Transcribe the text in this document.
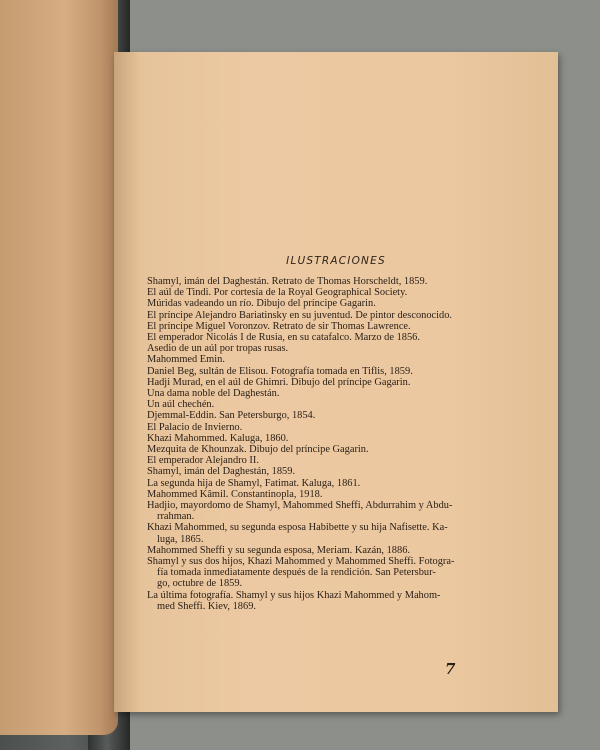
ILUSTRACIONES
Shamyl, imán del Daghestán. Retrato de Thomas Horscheldt, 1859.
El aúl de Tindi. Por cortesía de la Royal Geographical Society.
Múridas vadeando un río. Dibujo del príncipe Gagarin.
El príncipe Alejandro Bariatinsky en su juventud. De pintor desconocido.
El príncipe Miguel Voronzov. Retrato de sir Thomas Lawrence.
El emperador Nicolás I de Rusia, en su catafalco. Marzo de 1856.
Asedio de un aúl por tropas rusas.
Mahommed Emin.
Daniel Beg, sultán de Elisou. Fotografía tomada en Tiflis, 1859.
Hadji Murad, en el aúl de Ghimri. Dibujo del príncipe Gagarin.
Una dama noble del Daghestán.
Un aúl chechén.
Djemmal-Eddin. San Petersburgo, 1854.
El Palacio de Invierno.
Khazi Mahommed. Kaluga, 1860.
Mezquita de Khounzak. Dibujo del príncipe Gagarin.
El emperador Alejandro II.
Shamyl, imán del Daghestán, 1859.
La segunda hija de Shamyl, Fatimat. Kaluga, 1861.
Mahommed Kâmil. Constantinopla, 1918.
Hadjio, mayordomo de Shamyl, Mahommed Sheffi, Abdurrahim y Abdu-
rrahman.
Khazi Mahommed, su segunda esposa Habibette y su hija Nafisette. Ka-
luga, 1865.
Mahommed Sheffi y su segunda esposa, Meriam. Kazán, 1886.
Shamyl y sus dos hijos, Khazi Mahommed y Mahommed Sheffi. Fotogra-
fía tomada inmediatamente después de la rendición. San Petersbur-
go, octubre de 1859.
La última fotografía. Shamyl y sus hijos Khazi Mahommed y Mahom-
med Sheffi. Kiev, 1869.
7
